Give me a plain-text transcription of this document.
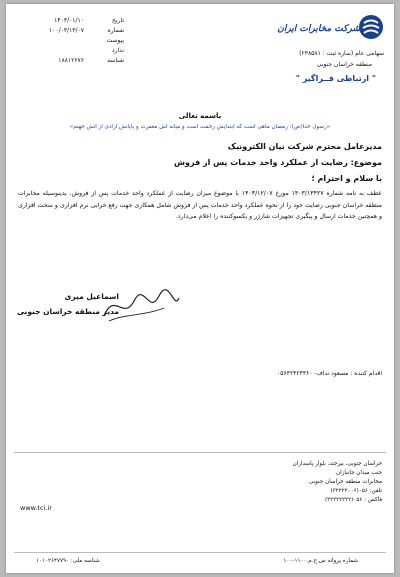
شرکت مخابرات ایران
سهامی عام (سازه ثبت : ۲۳۸۵۸۱)
منطقه خراسان جنوبی
" ارتباطی فــراگیر "
تاریخ
۱۴۰۳/۰۱/۱۰
شماره
۱۰۰/۰۴/۱۳/۰۷
پیوست
ندارد
شناسه
۱۸۸۱۲۶۷۶
باسمه تعالی
«رسول خدا(ص): رمضان ماهی است که ابتدایش رحمت است و میانه اش مغفرت و پایانش آزادی از آتش جهنم»
مدیرعامل محترم شرکت نیان الکترونیک
موضوع: رضایت از عملکرد واحد خدمات پس از فروش
با سلام و احترام ؛
عطف به نامه شماره ۱۴۰۳/۱۳۴۲۷ مورخ ۱۴۰۳/۱۲/۰۷ با موضوع میزان رضایت از عملکرد واحد خدمات پس از فروش، بدینوسیله مخابرات منطقه خراسان جنوبی رضایت خود را از نحوه عملکرد واحد خدمات پس از فروش شامل همکاری جهت رفع خرابی نرم افزاری و سخت افزاری و همچنین خدمات ارسال و پیگیری تجهیزات شارژر و یکسوکننده را اعلام می‌دارد.
اسماعیل میری
مدیر منطقه خراسان جنوبی
اقدام کننده : مسعود نداف- ۰۵۶۳۲۴۲۴۴۶۰
خراسان جنوبی، بیرجند، بلوار پاسداران
جنب میدان جانبازان
مخابرات منطقه خراسان جنوبی
تلفن: ۰۵۶(۳۲۲۲۲۰۰۶)
فاکس : ۰۵۶(۳۲۲۲۲۲۲۲)
www.tci.ir
شماره پروانه س.ح.م.۱۱۰۰-۱۰۰
شناسه ملی: ۱۰۱۰۲۶۴۷۷۹۰
